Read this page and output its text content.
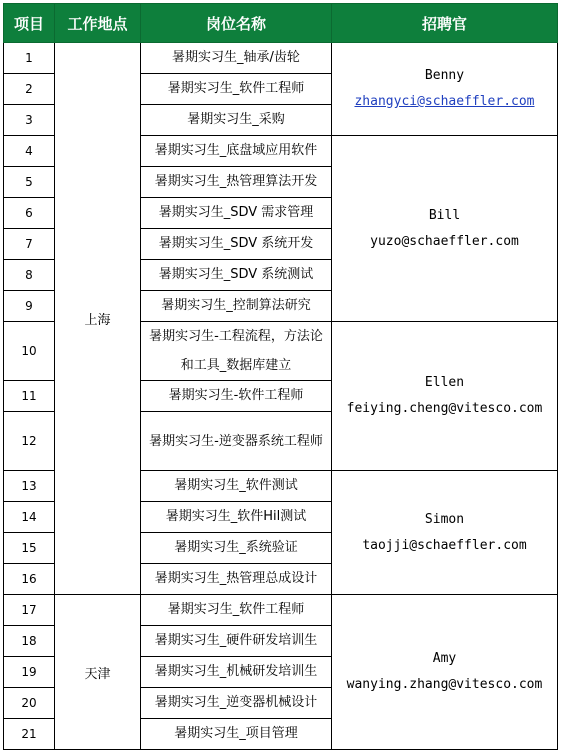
项目	工作地点	岗位名称	招聘官
1	上海	暑期实习生_轴承/齿轮	Benny
zhangyci@schaeffler.com

2		暑期实习生_软件工程师	
3		暑期实习生_采购	
4		暑期实习生_底盘域应用软件	Bill
yuzo@schaeffler.com

5		暑期实习生_热管理算法开发	
6		暑期实习生_SDV 需求管理	
7		暑期实习生_SDV 系统开发	
8		暑期实习生_SDV 系统测试	
9		暑期实习生_控制算法研究	
10		暑期实习生-工程流程，方法论和工具_数据库建立	Ellen
feiying.cheng@vitesco.com

11		暑期实习生-软件工程师	
12		暑期实习生-逆变器系统工程师	
13		暑期实习生_软件测试	Simon
taojji@schaeffler.com

14		暑期实习生_软件Hil测试	
15		暑期实习生_系统验证	
16		暑期实习生_热管理总成设计	
17	天津	暑期实习生_软件工程师	Amy
wanying.zhang@vitesco.com

18		暑期实习生_硬件研发培训生	
19		暑期实习生_机械研发培训生	
20		暑期实习生_逆变器机械设计	
21		暑期实习生_项目管理	
